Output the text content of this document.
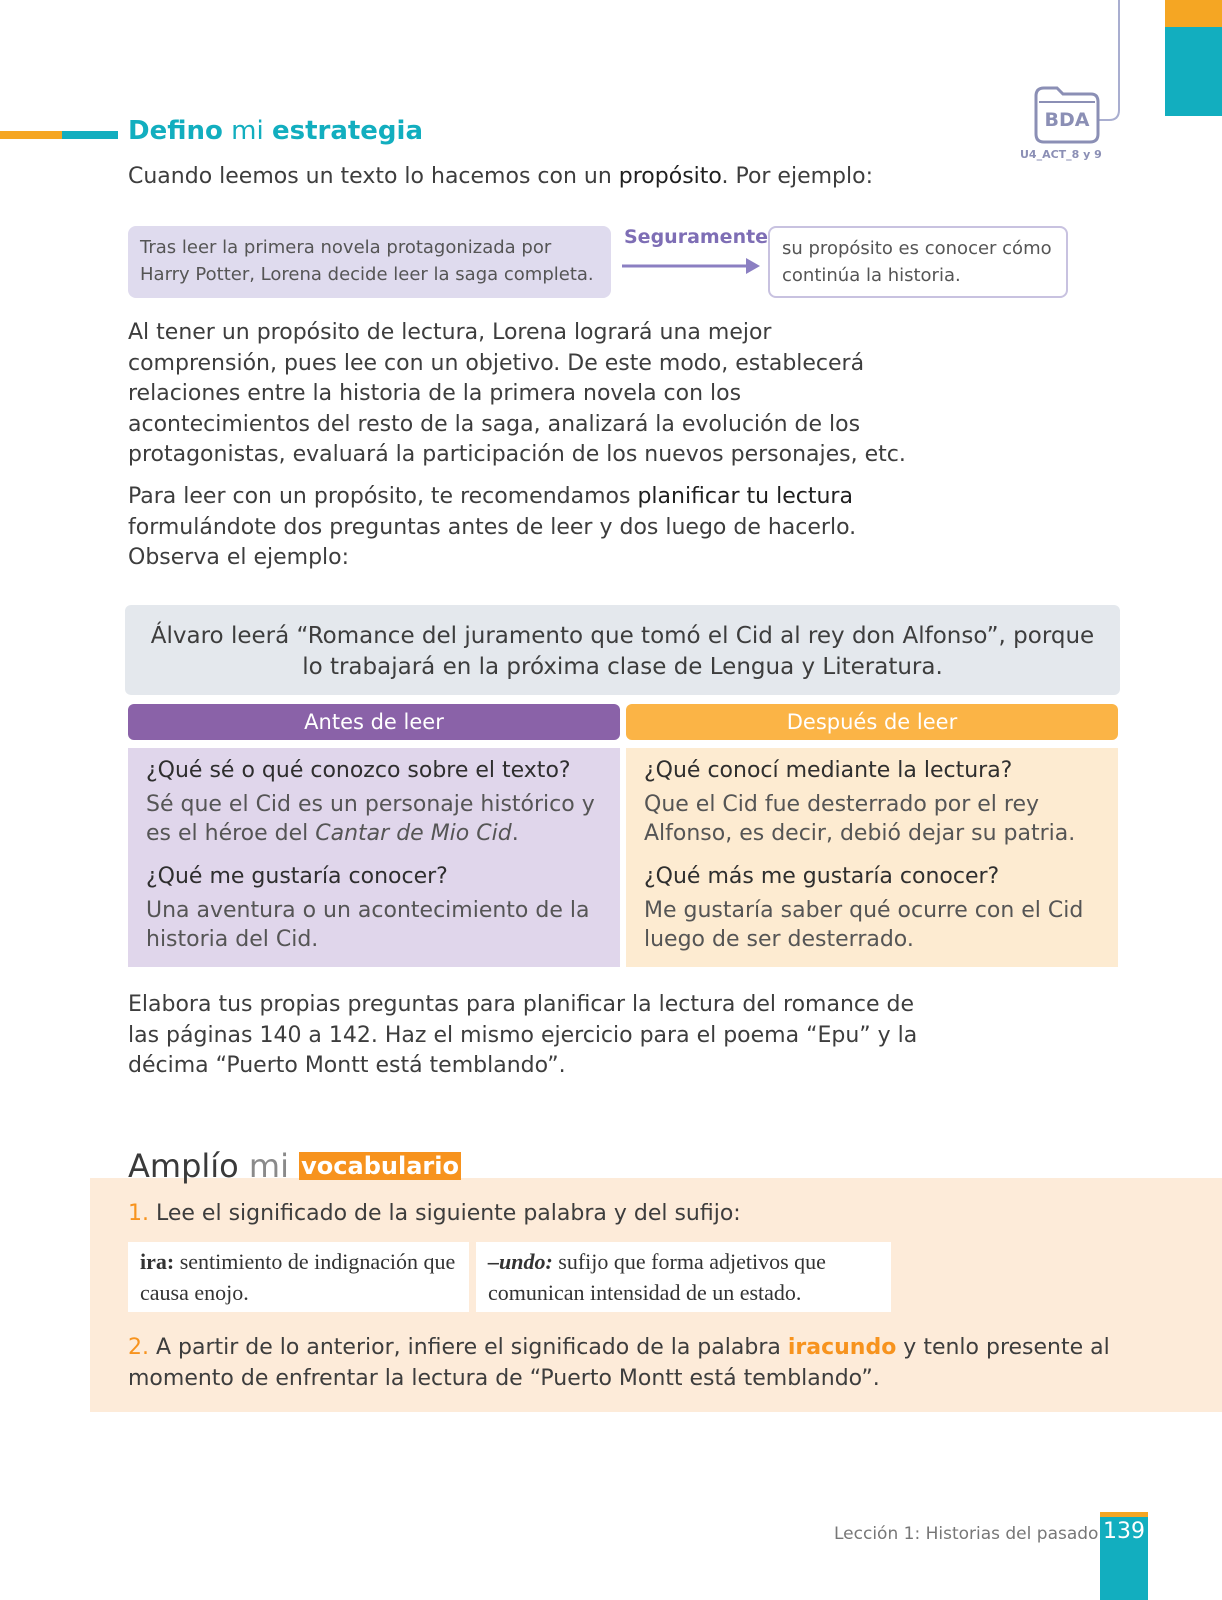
BDA
U4_ACT_8 y 9
Defino mi estrategia
Cuando leemos un texto lo hacemos con un propósito. Por ejemplo:
Tras leer la primera novela protagonizada por Harry Potter, Lorena decide leer la saga completa.
Seguramente
su propósito es conocer cómo continúa la historia.
Al tener un propósito de lectura, Lorena logrará una mejor comprensión, pues lee con un objetivo. De este modo, establecerá relaciones entre la historia de la primera novela con los acontecimientos del resto de la saga, analizará la evolución de los protagonistas, evaluará la participación de los nuevos personajes, etc.
Para leer con un propósito, te recomendamos planificar tu lectura formulándote dos preguntas antes de leer y dos luego de hacerlo. Observa el ejemplo:
Álvaro leerá “Romance del juramento que tomó el Cid al rey don Alfonso”, porque lo trabajará en la próxima clase de Lengua y Literatura.
Antes de leer	Después de leer

¿Qué sé o qué conozco sobre el texto?

Sé que el Cid es un personaje histórico y es el héroe del Cantar de Mio Cid.

¿Qué me gustaría conocer?

Una aventura o un acontecimiento de la historia del Cid.

¿Qué conocí mediante la lectura?

Que el Cid fue desterrado por el rey Alfonso, es decir, debió dejar su patria.

¿Qué más me gustaría conocer?

Me gustaría saber qué ocurre con el Cid luego de ser desterrado.

Elabora tus propias preguntas para planificar la lectura del romance de las páginas 140 a 142. Haz el mismo ejercicio para el poema “Epu” y la décima “Puerto Montt está temblando”.
Amplío mi vocabulario
1. Lee el significado de la siguiente palabra y del sufijo:
ira: sentimiento de indignación que causa enojo.
–undo: sufijo que forma adjetivos que comunican intensidad de un estado.
2. A partir de lo anterior, infiere el significado de la palabra iracundo y tenlo presente al momento de enfrentar la lectura de “Puerto Montt está temblando”.
Lección 1: Historias del pasado 139
